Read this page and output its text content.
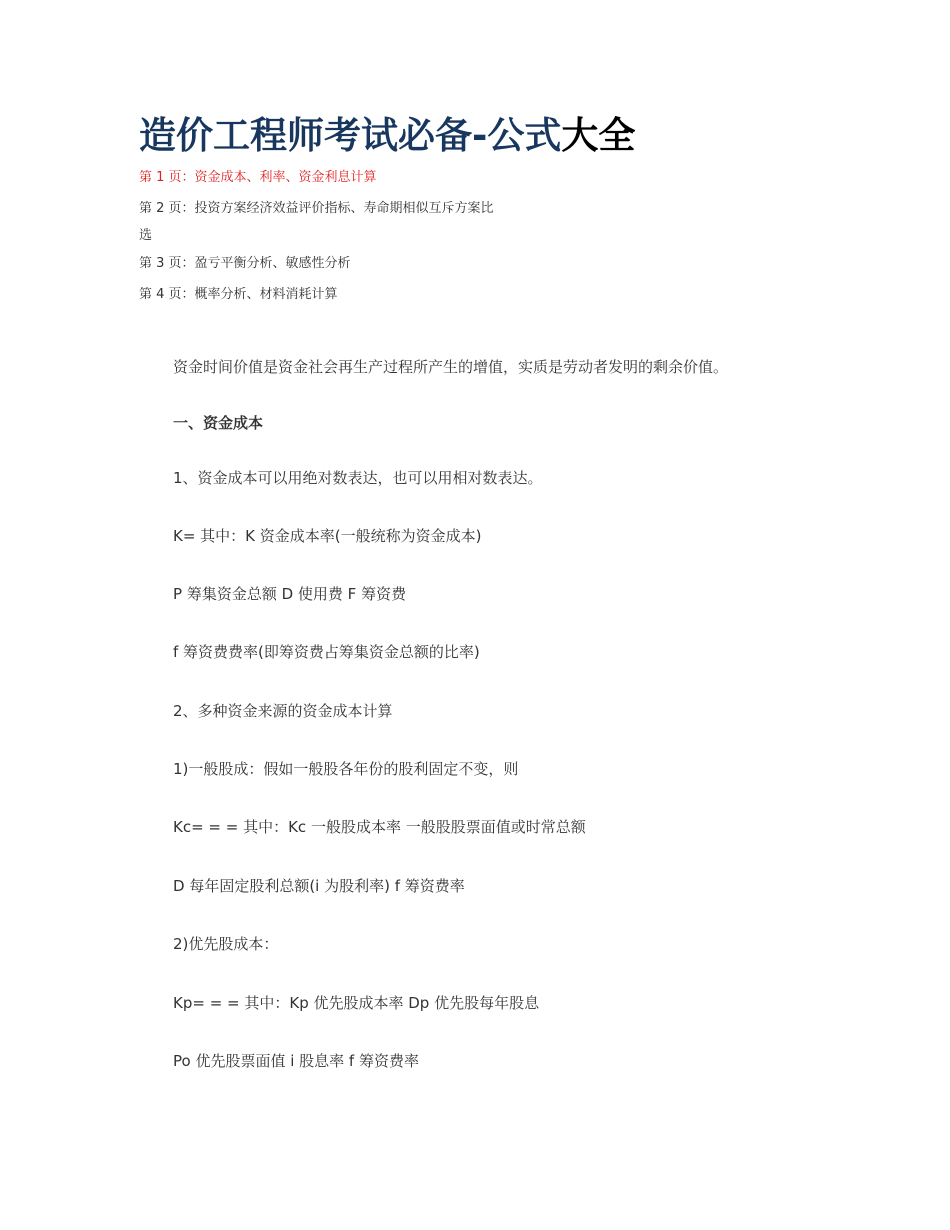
造价工程师考试必备-公式大全
第 1 页：资金成本、利率、资金利息计算
第 2 页：投资方案经济效益评价指标、寿命期相似互斥方案比
选
第 3 页：盈亏平衡分析、敏感性分析
第 4 页：概率分析、材料消耗计算
资金时间价值是资金社会再生产过程所产生的增值，实质是劳动者发明的剩余价值。
一、资金成本
1、资金成本可以用绝对数表达，也可以用相对数表达。
K= 其中：K 资金成本率(一般统称为资金成本)
P 筹集资金总额 D 使用费 F 筹资费
f 筹资费费率(即筹资费占筹集资金总额的比率)
2、多种资金来源的资金成本计算
1)一般股成：假如一般股各年份的股利固定不变，则
Kc= = = 其中：Kc 一般股成本率 一般股股票面值或时常总额
D 每年固定股利总额(i 为股利率) f 筹资费率
2)优先股成本：
Kp= = = 其中：Kp 优先股成本率 Dp 优先股每年股息
Po 优先股票面值 i 股息率 f 筹资费率
